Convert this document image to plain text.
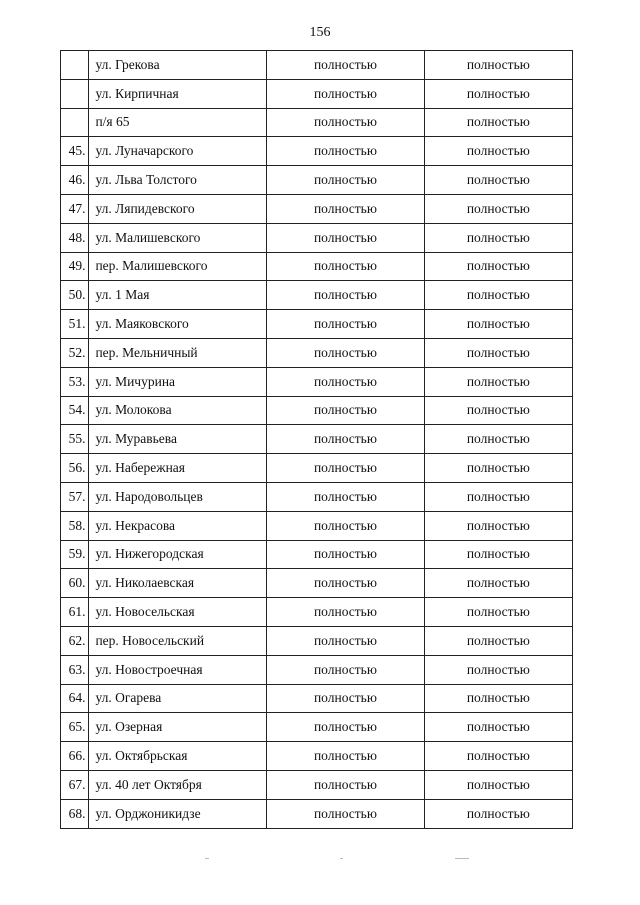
156
	ул. Грекова	полностью	полностью
	ул. Кирпичная	полностью	полностью
	п/я 65	полностью	полностью
45.	ул. Луначарского	полностью	полностью
46.	ул. Льва Толстого	полностью	полностью
47.	ул. Ляпидевского	полностью	полностью
48.	ул. Малишевского	полностью	полностью
49.	пер. Малишевского	полностью	полностью
50.	ул. 1 Мая	полностью	полностью
51.	ул. Маяковского	полностью	полностью
52.	пер. Мельничный	полностью	полностью
53.	ул. Мичурина	полностью	полностью
54.	ул. Молокова	полностью	полностью
55.	ул. Муравьева	полностью	полностью
56.	ул. Набережная	полностью	полностью
57.	ул. Народовольцев	полностью	полностью
58.	ул. Некрасова	полностью	полностью
59.	ул. Нижегородская	полностью	полностью
60.	ул. Николаевская	полностью	полностью
61.	ул. Новосельская	полностью	полностью
62.	пер. Новосельский	полностью	полностью
63.	ул. Новостроечная	полностью	полностью
64.	ул. Огарева	полностью	полностью
65.	ул. Озерная	полностью	полностью
66.	ул. Октябрьская	полностью	полностью
67.	ул. 40 лет Октября	полностью	полностью
68.	ул. Орджоникидзе	полностью	полностью
